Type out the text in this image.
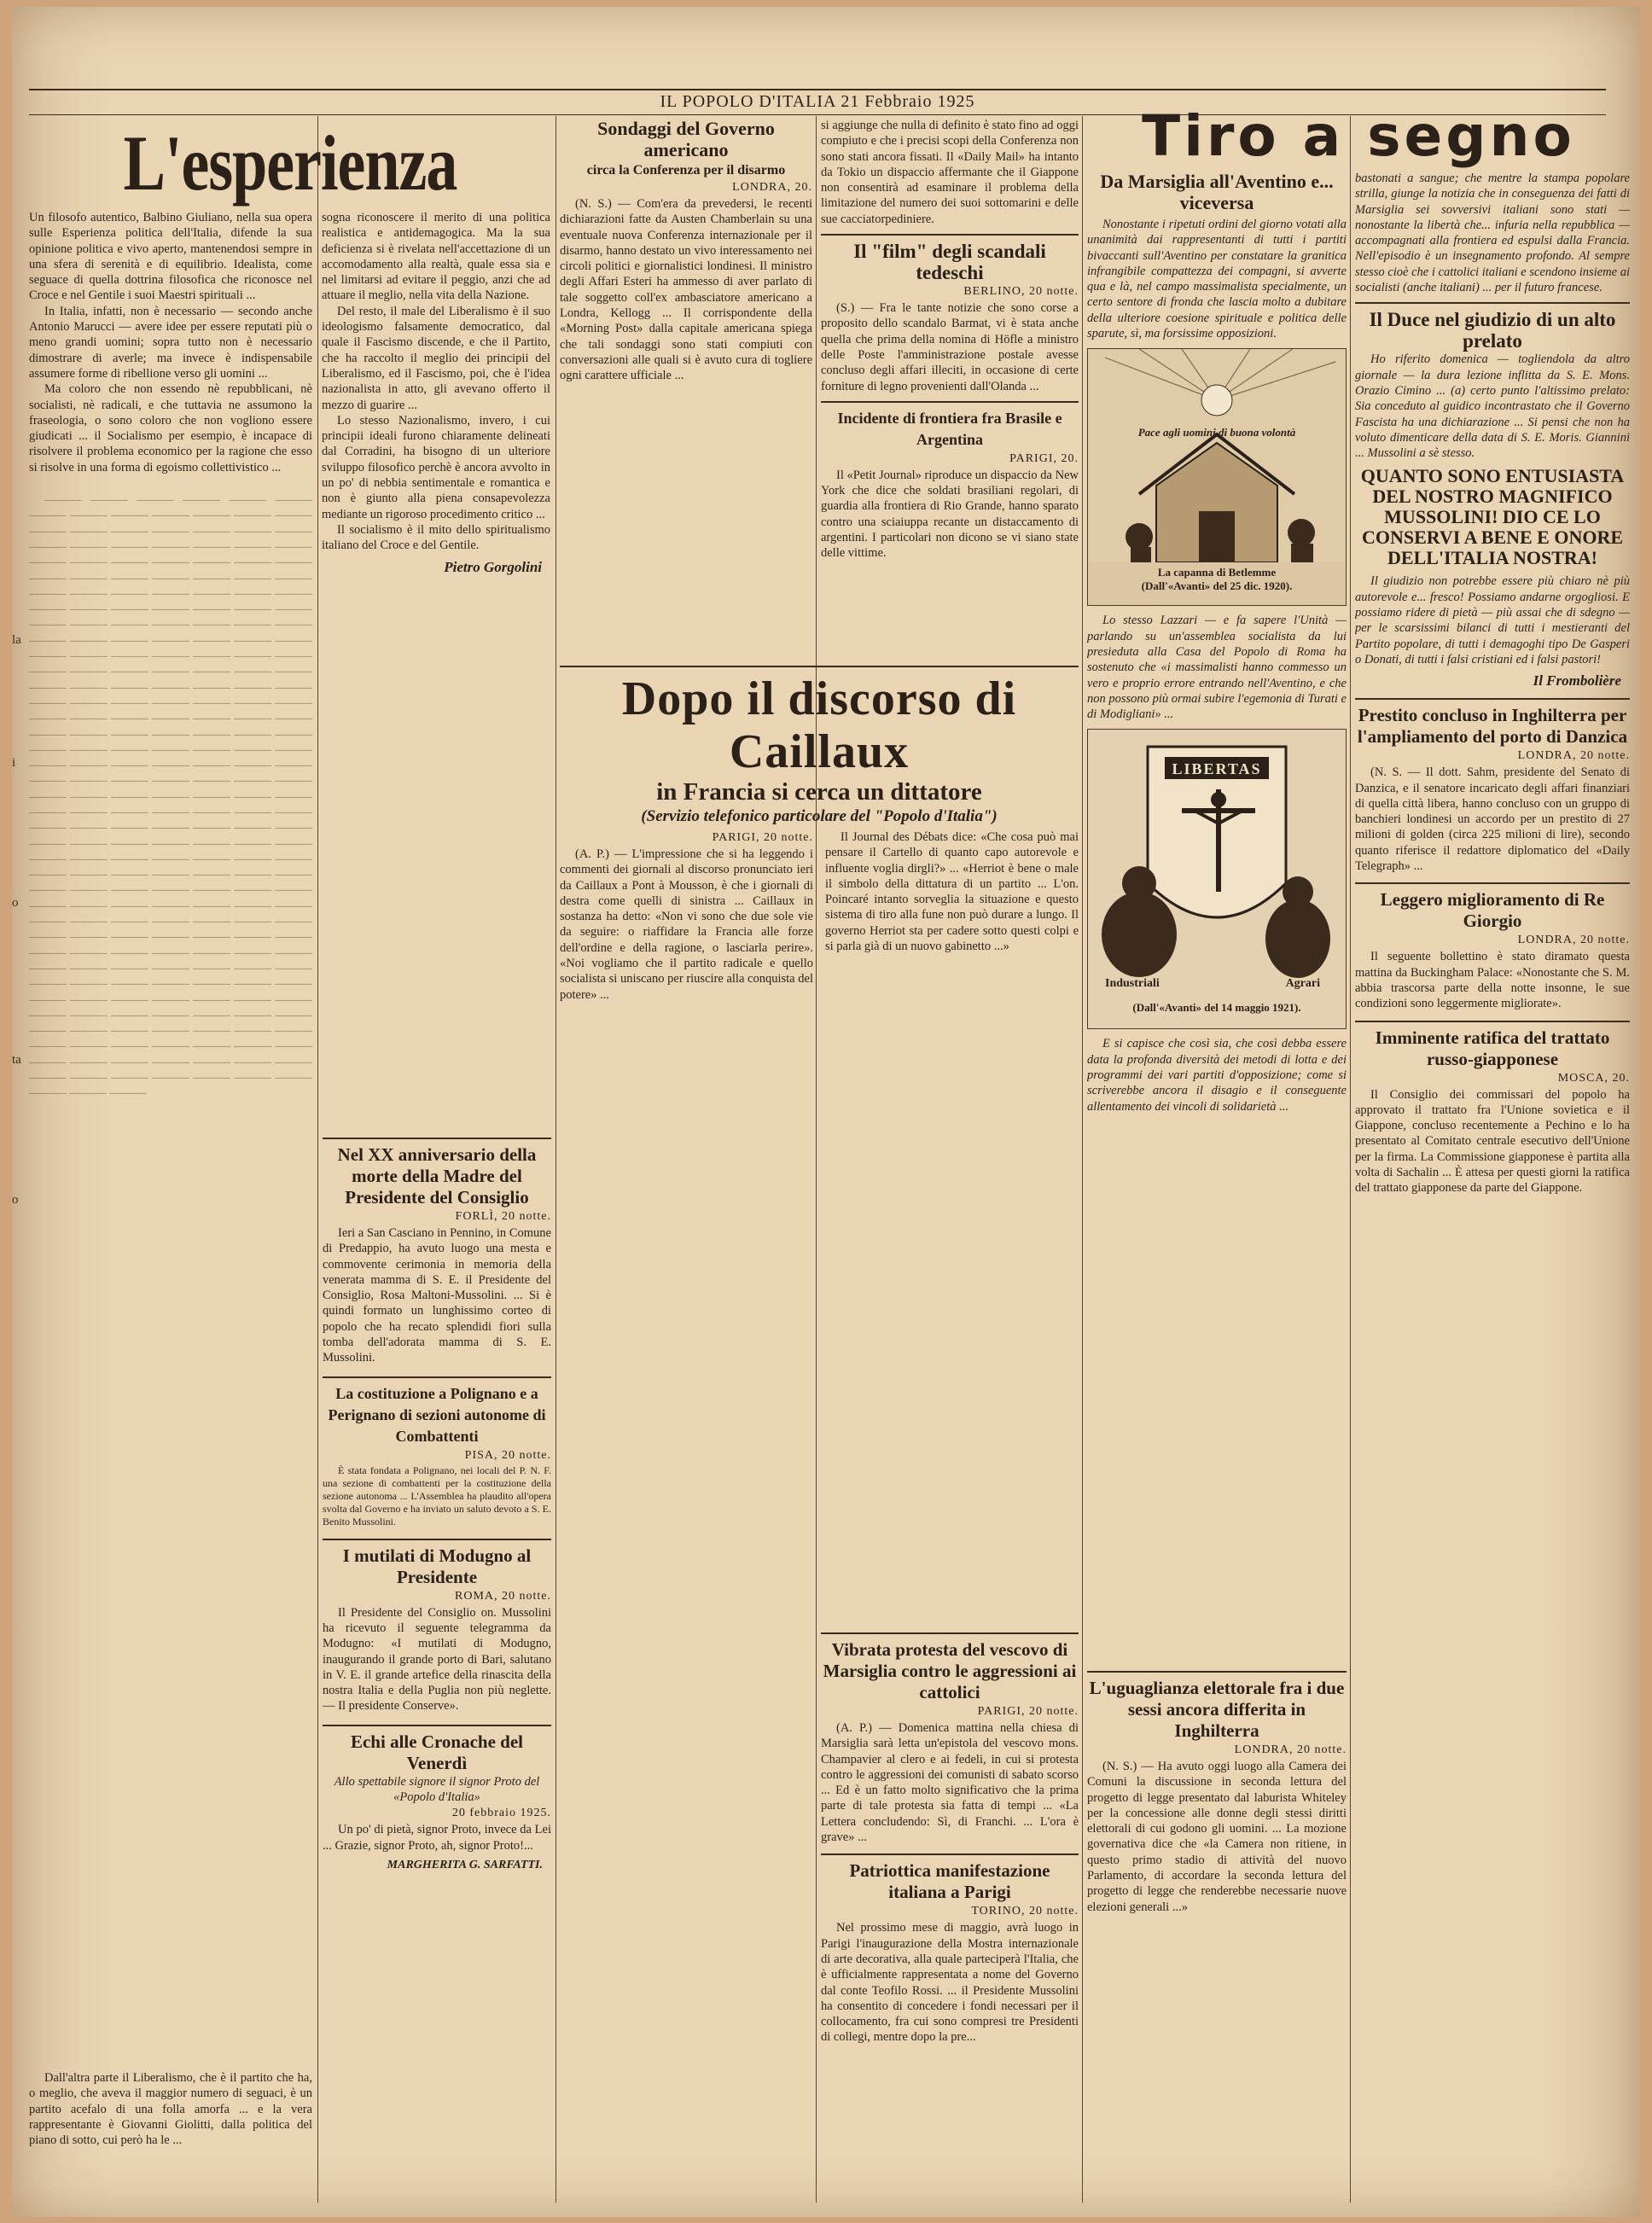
la
i
o
ta
o
IL POPOLO D'ITALIA 21 Febbraio 1925
L'esperienza

Un filosofo autentico, Balbino Giuliano, nella sua opera sulle Esperienza politica dell'Italia, difende la sua opinione politica e vivo aperto, mantenendosi sempre in una sfera di serenità e di equilibrio. Idealista, come seguace di quella dottrina filosofica che riconosce nel Croce e nel Gentile i suoi Maestri spirituali ...

In Italia, infatti, non è necessario — secondo anche Antonio Marucci — avere idee per essere reputati più o meno grandi uomini; sopra tutto non è necessario dimostrare di averle; ma invece è indispensabile assumere forme di ribellione verso gli uomini ...

Ma coloro che non essendo nè repubblicani, nè socialisti, nè radicali, e che tuttavia ne assumono la fraseologia, o sono coloro che non vogliono essere giudicati ... il Socialismo per esempio, è incapace di risolvere il problema economico per la ragione che esso si risolve in una forma di egoismo collettivistico ...

——— ——— ——— ——— ——— ——— ——— ——— ——— ——— ——— ——— ——— ——— ——— ——— ——— ——— ——— ——— ——— ——— ——— ——— ——— ——— ——— ——— ——— ——— ——— ——— ——— ——— ——— ——— ——— ——— ——— ——— ——— ——— ——— ——— ——— ——— ——— ——— ——— ——— ——— ——— ——— ——— ——— ——— ——— ——— ——— ——— ——— ——— ——— ——— ——— ——— ——— ——— ——— ——— ——— ——— ——— ——— ——— ——— ——— ——— ——— ——— ——— ——— ——— ——— ——— ——— ——— ——— ——— ——— ——— ——— ——— ——— ——— ——— ——— ——— ——— ——— ——— ——— ——— ——— ——— ——— ——— ——— ——— ——— ——— ——— ——— ——— ——— ——— ——— ——— ——— ——— ——— ——— ——— ——— ——— ——— ——— ——— ——— ——— ——— ——— ——— ——— ——— ——— ——— ——— ——— ——— ——— ——— ——— ——— ——— ——— ——— ——— ——— ——— ——— ——— ——— ——— ——— ——— ——— ——— ——— ——— ——— ——— ——— ——— ——— ——— ——— ——— ——— ——— ——— ——— ——— ——— ——— ——— ——— ——— ——— ——— ——— ——— ——— ——— ——— ——— ——— ——— ——— ——— ——— ——— ——— ——— ——— ——— ——— ——— ——— ——— ——— ——— ——— ——— ——— ——— ——— ——— ——— ——— ——— ——— ——— ——— ——— ——— ——— ——— ——— ——— ——— ——— ——— ——— ——— ——— ——— ——— ——— ——— ——— ——— ——— ——— ——— ——— ——— ——— ——— ——— ——— ——— ——— ——— ——— ——— ——— ——— ——— ——— ——— ——— ——— ——— ——— ——— ——— ——— ——— ——— ——— ——— ——— ——— ——— ——— ——— ———

Dall'altra parte il Liberalismo, che è il partito che ha, o meglio, che aveva il maggior numero di seguaci, è un partito acefalo di una folla amorfa ... e la vera rappresentante è Giovanni Giolitti, dalla politica del piano di sotto, cui però ha le ...

sogna riconoscere il merito di una politica realistica e antidemagogica. Ma la sua deficienza si è rivelata nell'accettazione di un accomodamento alla realtà, quale essa sia e nel limitarsi ad evitare il peggio, anzi che ad attuare il meglio, nella vita della Nazione.

Del resto, il male del Liberalismo è il suo ideologismo falsamente democratico, dal quale il Fascismo discende, e che il Partito, che ha raccolto il meglio dei principii del Liberalismo, ed il Fascismo, poi, che è l'idea nazionalista in atto, gli avevano offerto il mezzo di guarire ...

Lo stesso Nazionalismo, invero, i cui principii ideali furono chiaramente delineati dal Corradini, ha bisogno di un ulteriore sviluppo filosofico perchè è ancora avvolto in un po' di nebbia sentimentale e romantica e non è giunto alla piena consapevolezza mediante un rigoroso procedimento critico ...

Il socialismo è il mito dello spiritualismo italiano del Croce e del Gentile.

Pietro Gorgolini
Nel XX anniversario della morte della Madre del Presidente del Consiglio
FORLÌ, 20 notte.

Ieri a San Casciano in Pennino, in Comune di Predappio, ha avuto luogo una mesta e commovente cerimonia in memoria della venerata mamma di S. E. il Presidente del Consiglio, Rosa Maltoni-Mussolini. ... Si è quindi formato un lunghissimo corteo di popolo che ha recato splendidi fiori sulla tomba dell'adorata mamma di S. E. Mussolini.

La costituzione a Polignano e a Perignano di sezioni autonome di Combattenti
PISA, 20 notte.

È stata fondata a Polignano, nei locali del P. N. F. una sezione di combattenti per la costituzione della sezione autonoma ... L'Assemblea ha plaudito all'opera svolta dal Governo e ha inviato un saluto devoto a S. E. Benito Mussolini.

I mutilati di Modugno al Presidente
ROMA, 20 notte.

Il Presidente del Consiglio on. Mussolini ha ricevuto il seguente telegramma da Modugno: «I mutilati di Modugno, inaugurando il grande porto di Bari, salutano in V. E. il grande artefice della rinascita della nostra Italia e della Puglia non più neglette. — Il presidente Conserve».

Echi alle Cronache del Venerdì
Allo spettabile signore il signor Proto del «Popolo d'Italia»
20 febbraio 1925.

Un po' di pietà, signor Proto, invece da Lei ... Grazie, signor Proto, ah, signor Proto!...

MARGHERITA G. SARFATTI.
Sondaggi del Governo americano
circa la Conferenza per il disarmo
LONDRA, 20.

(N. S.) — Com'era da prevedersi, le recenti dichiarazioni fatte da Austen Chamberlain su una eventuale nuova Conferenza internazionale per il disarmo, hanno destato un vivo interessamento nei circoli politici e giornalistici londinesi. Il ministro degli Affari Esteri ha ammesso di aver parlato di tale soggetto coll'ex ambasciatore americano a Londra, Kellogg ... Il corrispondente della «Morning Post» dalla capitale americana spiega che tali sondaggi sono stati compiuti con conversazioni alle quali si è avuto cura di togliere ogni carattere ufficiale ...

si aggiunge che nulla di definito è stato fino ad oggi compiuto e che i precisi scopi della Conferenza non sono stati ancora fissati. Il «Daily Mail» ha intanto da Tokio un dispaccio affermante che il Giappone non consentirà ad esaminare il problema della limitazione del numero dei suoi sottomarini e delle sue cacciatorpediniere.

Il "film" degli scandali tedeschi
BERLINO, 20 notte.

(S.) — Fra le tante notizie che sono corse a proposito dello scandalo Barmat, vi è stata anche quella che prima della nomina di Höfle a ministro delle Poste l'amministrazione postale avesse concluso degli affari illeciti, in occasione di certe forniture di legno provenienti dall'Olanda ...

Incidente di frontiera fra Brasile e Argentina
PARIGI, 20.

Il «Petit Journal» riproduce un dispaccio da New York che dice che soldati brasiliani regolari, di guardia alla frontiera di Rio Grande, hanno sparato contro una sciaiuppa recante un distaccamento di argentini. I particolari non dicono se vi siano state delle vittime.

Dopo il discorso di Caillaux
in Francia si cerca un dittatore
(Servizio telefonico particolare del "Popolo d'Italia")
PARIGI, 20 notte.

(A. P.) — L'impressione che si ha leggendo i commenti dei giornali al discorso pronunciato ieri da Caillaux a Pont à Mousson, è che i giornali di destra come quelli di sinistra ... Caillaux in sostanza ha detto: «Non vi sono che due sole vie da seguire: o riaffidare la Francia alle forze dell'ordine e della ragione, o lasciarla perire». «Noi vogliamo che il partito radicale e quello socialista si uniscano per riuscire alla conquista del potere» ...

Il Journal des Débats dice: «Che cosa può mai pensare il Cartello di quanto capo autorevole e influente voglia dirgli?» ... «Herriot è bene o male il simbolo della dittatura di un partito ... L'on. Poincaré intanto sorveglia la situazione e questo sistema di tiro alla fune non può durare a lungo. Il governo Herriot sta per cadere sotto questi colpi e si parla già di un nuovo gabinetto ...»

Vibrata protesta del vescovo di Marsiglia contro le aggressioni ai cattolici
PARIGI, 20 notte.

(A. P.) — Domenica mattina nella chiesa di Marsiglia sarà letta un'epistola del vescovo mons. Champavier al clero e ai fedeli, in cui si protesta contro le aggressioni dei comunisti di sabato scorso ... Ed è un fatto molto significativo che la prima parte di tale protesta sia fatta di tempi ... «La Lettera concludendo: Sì, di Franchi. ... L'ora è grave» ...

Patriottica manifestazione italiana a Parigi
TORINO, 20 notte.

Nel prossimo mese di maggio, avrà luogo in Parigi l'inaugurazione della Mostra internazionale di arte decorativa, alla quale parteciperà l'Italia, che è ufficialmente rappresentata a nome del Governo dal conte Teofilo Rossi. ... il Presidente Mussolini ha consentito di concedere i fondi necessari per il collocamento, fra cui sono compresi tre Presidenti di collegi, mentre dopo la pre...

Tiro a segno
Da Marsiglia all'Aventino e... viceversa

Nonostante i ripetuti ordini del giorno votati alla unanimità dai rappresentanti di tutti i partiti bivaccanti sull'Aventino per constatare la granitica infrangibile compattezza dei compagni, si avverte qua e là, nel campo massimalista specialmente, un certo sentore di fronda che lascia molto a dubitare della ulteriore coesione spirituale e politica delle sparute, sì, ma forsissime opposizioni.

Pace agli uomini di buona volontà
La capanna di Betlemme
(Dall'«Avanti» del 25 dic. 1920).

Lo stesso Lazzari — e fa sapere l'Unità — parlando su un'assemblea socialista da lui presieduta alla Casa del Popolo di Roma ha sostenuto che «i massimalisti hanno commesso un vero e proprio errore entrando nell'Aventino, e che non possono più ormai subire l'egemonia di Turati e di Modigliani» ...

LIBERTAS
Industriali	Agrari
(Dall'«Avanti» del 14 maggio 1921).

E si capisce che così sia, che così debba essere data la profonda diversità dei metodi di lotta e dei programmi dei vari partiti d'opposizione; come si scriverebbe ancora il disagio e il conseguente allentamento dei vincoli di solidarietà ...

L'uguaglianza elettorale fra i due sessi ancora differita in Inghilterra
LONDRA, 20 notte.

(N. S.) — Ha avuto oggi luogo alla Camera dei Comuni la discussione in seconda lettura del progetto di legge presentato dal laburista Whiteley per la concessione alle donne degli stessi diritti elettorali di cui godono gli uomini. ... La mozione governativa dice che «la Camera non ritiene, in questo primo stadio di attività del nuovo Parlamento, di accordare la seconda lettura del progetto di legge che renderebbe necessarie nuove elezioni generali ...»

bastonati a sangue; che mentre la stampa popolare strilla, giunge la notizia che in conseguenza dei fatti di Marsiglia sei sovversivi italiani sono stati — nonostante la libertà che... infuria nella repubblica — accompagnati alla frontiera ed espulsi dalla Francia. Nell'episodio è un insegnamento profondo. Al sempre stesso cioè che i cattolici italiani e scendono insieme ai socialisti (anche italiani) ... per il futuro francese.

Il Duce nel giudizio di un alto prelato

Ho riferito domenica — togliendola da altro giornale — la dura lezione inflitta da S. E. Mons. Orazio Cimino ... (a) certo punto l'altissimo prelato: Sia conceduto al guidico incontrastato che il Governo Fascista ha una dichiarazione ... Si pensi che non ha voluto dimenticare della data di S. E. Moris. Giannini ... Mussolini a sè stesso.

QUANTO SONO ENTUSIASTA DEL NOSTRO MAGNIFICO MUSSOLINI! DIO CE LO CONSERVI A BENE E ONORE DELL'ITALIA NOSTRA!

Il giudizio non potrebbe essere più chiaro nè più autorevole e... fresco! Possiamo andarne orgogliosi. E possiamo ridere di pietà — più assai che di sdegno — per le scarsissimi bilanci di tutti i mestieranti del Partito popolare, di tutti i demagoghi tipo De Gasperi o Donati, di tutti i falsi cristiani ed i falsi pastori!

Il Frombolière
Prestito concluso in Inghilterra per l'ampliamento del porto di Danzica
LONDRA, 20 notte.

(N. S. — Il dott. Sahm, presidente del Senato di Danzica, e il senatore incaricato degli affari finanziari di quella città libera, hanno concluso con un gruppo di banchieri londinesi un accordo per un prestito di 27 milioni di golden (circa 225 milioni di lire), secondo quanto riferisce il redattore diplomatico del «Daily Telegraph» ...

Leggero miglioramento di Re Giorgio
LONDRA, 20 notte.

Il seguente bollettino è stato diramato questa mattina da Buckingham Palace: «Nonostante che S. M. abbia trascorsa parte della notte insonne, le sue condizioni sono leggermente migliorate».

Imminente ratifica del trattato russo-giapponese
MOSCA, 20.

Il Consiglio dei commissari del popolo ha approvato il trattato fra l'Unione sovietica e il Giappone, concluso recentemente a Pechino e lo ha presentato al Comitato centrale esecutivo dell'Unione per la firma. La Commissione giapponese è partita alla volta di Sachalin ... È attesa per questi giorni la ratifica del trattato giapponese da parte del Giappone.
